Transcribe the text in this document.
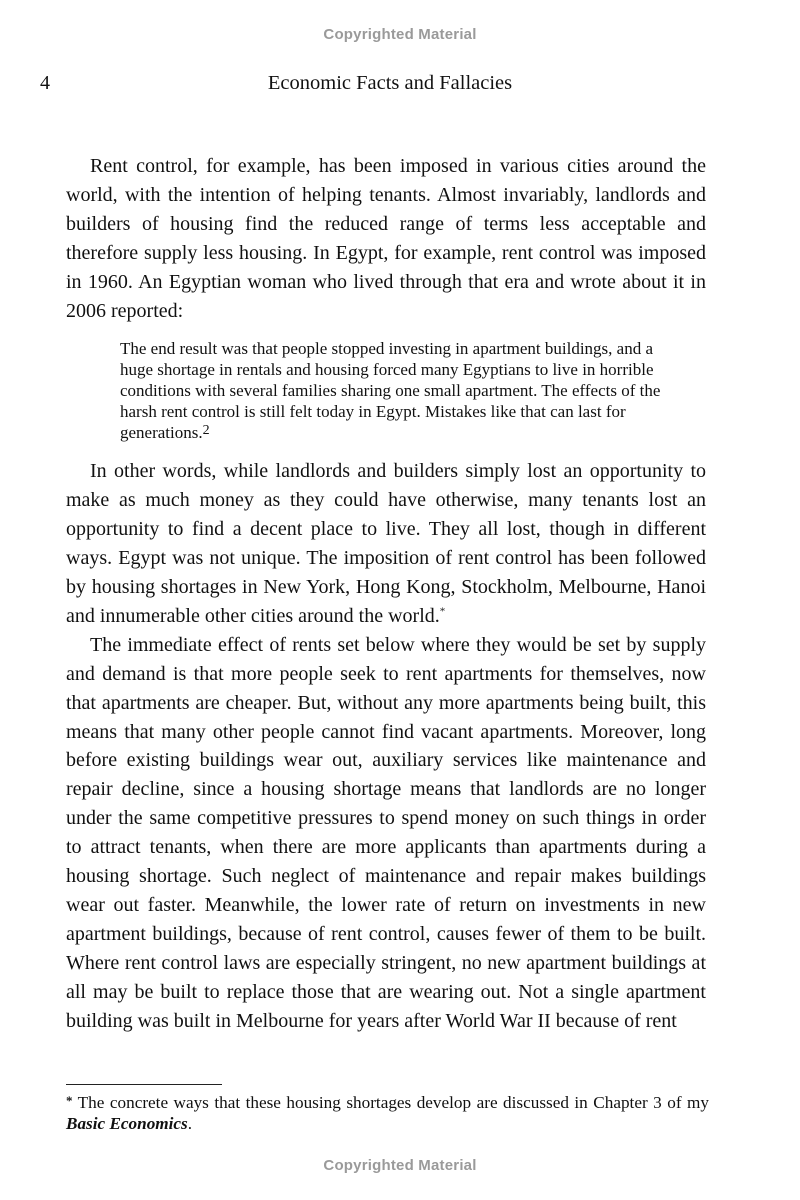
Copyrighted Material
4	Economic Facts and Fallacies

Rent control, for example, has been imposed in various cities around the world, with the intention of helping tenants. Almost invariably, landlords and builders of housing find the reduced range of terms less acceptable and therefore supply less housing. In Egypt, for example, rent control was imposed in 1960. An Egyptian woman who lived through that era and wrote about it in 2006 reported:

The end result was that people stopped investing in apartment buildings, and a huge shortage in rentals and housing forced many Egyptians to live in horrible conditions with several families sharing one small apartment. The effects of the harsh rent control is still felt today in Egypt. Mistakes like that can last for generations.$^2$

In other words, while landlords and builders simply lost an opportunity to make as much money as they could have otherwise, many tenants lost an opportunity to find a decent place to live. They all lost, though in different ways. Egypt was not unique. The imposition of rent control has been followed by housing shortages in New York, Hong Kong, Stockholm, Melbourne, Hanoi and innumerable other cities around the world.*

The immediate effect of rents set below where they would be set by supply and demand is that more people seek to rent apartments for themselves, now that apartments are cheaper. But, without any more apartments being built, this means that many other people cannot find vacant apartments. Moreover, long before existing buildings wear out, auxiliary services like maintenance and repair decline, since a housing shortage means that landlords are no longer under the same competitive pressures to spend money on such things in order to attract tenants, when there are more applicants than apartments during a housing shortage. Such neglect of maintenance and repair makes buildings wear out faster. Meanwhile, the lower rate of return on investments in new apartment buildings, because of rent control, causes fewer of them to be built. Where rent control laws are especially stringent, no new apartment buildings at all may be built to replace those that are wearing out. Not a single apartment building was built in Melbourne for years after World War II because of rent

* The concrete ways that these housing shortages develop are discussed in Chapter 3 of my Basic Economics.
Copyrighted Material
